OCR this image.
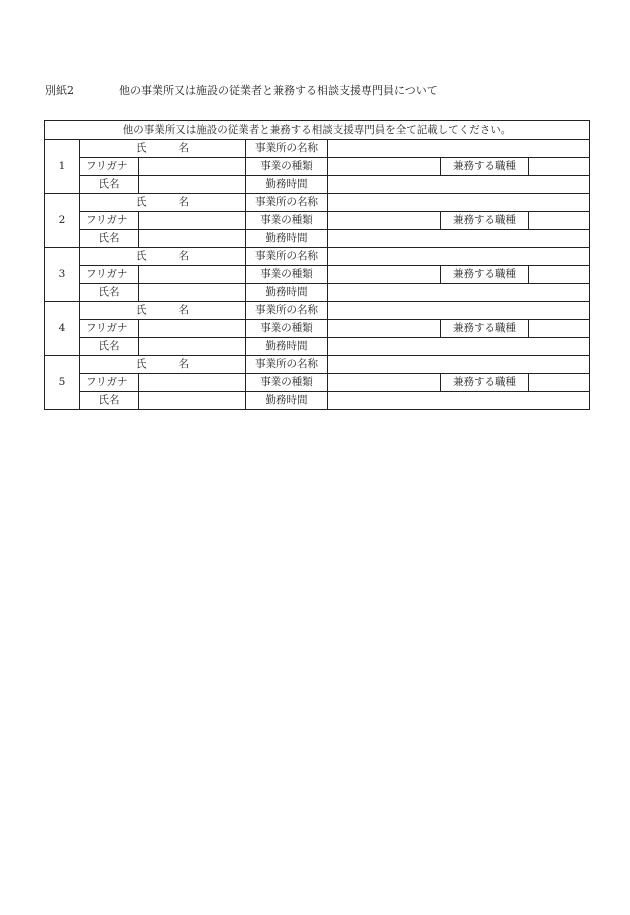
別紙2	他の事業所又は施設の従業者と兼務する相談支援専門員について
他の事業所又は施設の従業者と兼務する相談支援専門員を全て記載してください。						
1	氏 名		事業所の名称			
	フリガナ		事業の種類		兼務する職種	
	氏名		勤務時間			
2	氏 名		事業所の名称			
	フリガナ		事業の種類		兼務する職種	
	氏名		勤務時間			
3	氏 名		事業所の名称			
	フリガナ		事業の種類		兼務する職種	
	氏名		勤務時間			
4	氏 名		事業所の名称			
	フリガナ		事業の種類		兼務する職種	
	氏名		勤務時間			
5	氏 名		事業所の名称			
	フリガナ		事業の種類		兼務する職種	
	氏名		勤務時間			
